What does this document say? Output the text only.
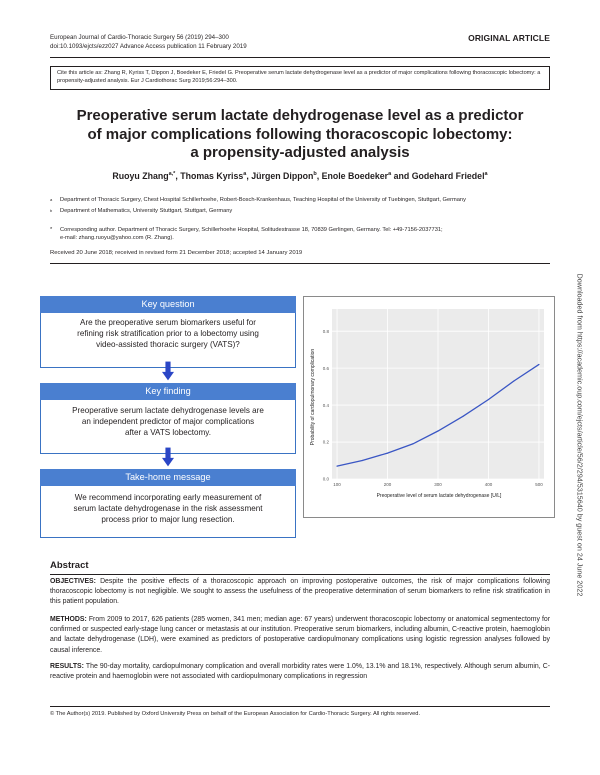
European Journal of Cardio-Thoracic Surgery 56 (2019) 294–300
doi:10.1093/ejcts/ezz027 Advance Access publication 11 February 2019
ORIGINAL ARTICLE
Cite this article as: Zhang R, Kyriss T, Dippon J, Boedeker E, Friedel G. Preoperative serum lactate dehydrogenase level as a predictor of major complications following thoracoscopic lobectomy: a propensity-adjusted analysis. Eur J Cardiothorac Surg 2019;56:294–300.
Preoperative serum lactate dehydrogenase level as a predictor
of major complications following thoracoscopic lobectomy:
a propensity-adjusted analysis
Ruoyu Zhang$^{a,*}$, Thomas Kyriss$^a$, Jürgen Dippon$^b$, Enole Boedeker$^a$ and Godehard Friedel$^a$
$^a$	Department of Thoracic Surgery, Chest Hospital Schillerhoehe, Robert-Bosch-Krankenhaus, Teaching Hospital of the University of Tuebingen, Stuttgart, Germany
$^b$	Department of Mathematics, University Stuttgart, Stuttgart, Germany
*	Corresponding author. Department of Thoracic Surgery, Schillerhoehe Hospital, Solitudestrasse 18, 70839 Gerlingen, Germany. Tel: +49-7156-2037731;
e-mail: zhang.ruoyu@yahoo.com (R. Zhang).
Received 20 June 2018; received in revised form 21 December 2018; accepted 14 January 2019
Key question
Are the preoperative serum biomarkers useful for
refining risk stratification prior to a lobectomy using
video-assisted thoracic surgery (VATS)?
Key finding
Preoperative serum lactate dehydrogenase levels are
an independent predictor of major complications
after a VATS lobectomy.
Take-home message
We recommend incorporating early measurement of
serum lactate dehydrogenase in the risk assessment
process prior to major lung resection.
0.0
0.2
0.4
0.6
0.8
100	200	300	400	500
Probability of cardiopulmonary complication
Preoperative level of serum lactate dehydrogenase [U/L]
Abstract
OBJECTIVES: Despite the positive effects of a thoracoscopic approach on improving postoperative outcomes, the risk of major complications following thoracoscopic lobectomy is not negligible. We sought to assess the usefulness of the preoperative determination of serum biomarkers to refine risk stratification in this patient population.
METHODS: From 2009 to 2017, 626 patients (285 women, 341 men; median age: 67 years) underwent thoracoscopic lobectomy or anatomical segmentectomy for confirmed or suspected early-stage lung cancer or metastasis at our institution. Preoperative serum biomarkers, including albumin, C-reactive protein, haemoglobin and lactate dehydrogenase (LDH), were examined as predictors of postoperative cardiopulmonary complications using logistic regression analyses followed by causal inference.
RESULTS: The 90-day mortality, cardiopulmonary complication and overall morbidity rates were 1.0%, 13.1% and 18.1%, respectively. Although serum albumin, C-reactive protein and haemoglobin were not associated with cardiopulmonary complications in regression
© The Author(s) 2019. Published by Oxford University Press on behalf of the European Association for Cardio-Thoracic Surgery. All rights reserved.
Downloaded from https://academic.oup.com/ejcts/article/56/2/294/5315640 by guest on 24 June 2022
